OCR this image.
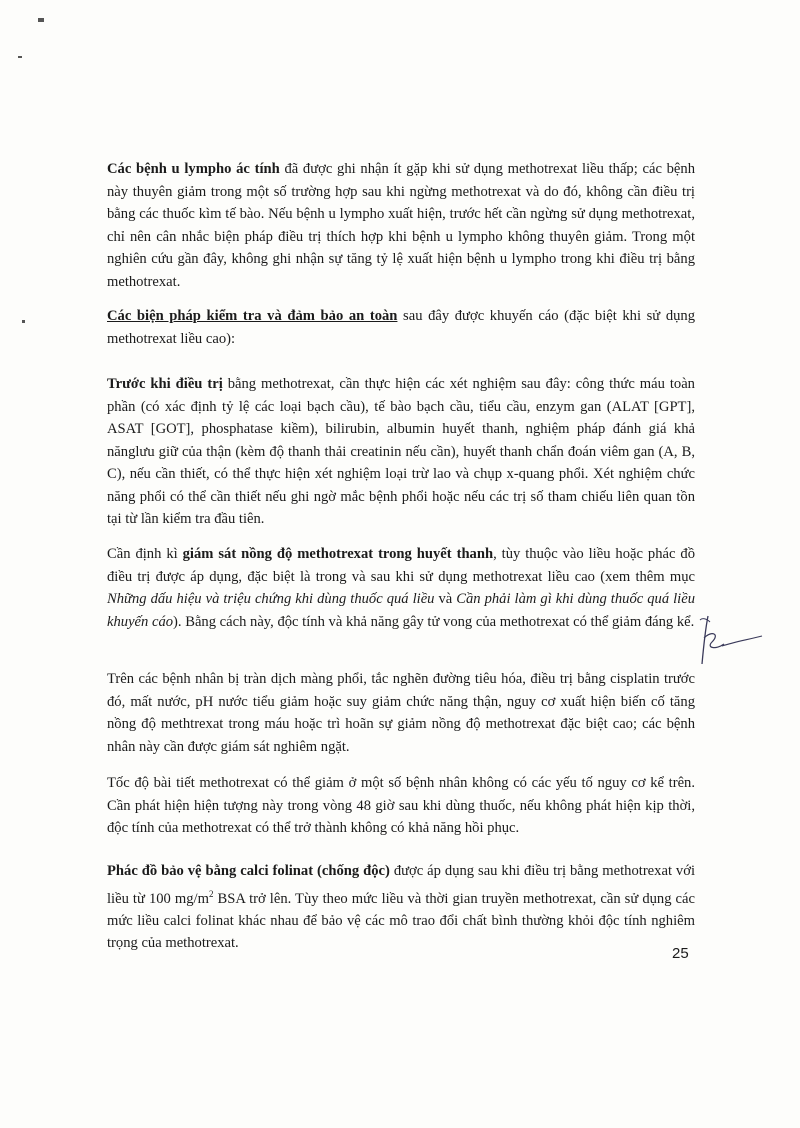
Các bệnh u lympho ác tính đã được ghi nhận ít gặp khi sử dụng methotrexat liều thấp; các bệnh này thuyên giảm trong một số trường hợp sau khi ngừng methotrexat và do đó, không cần điều trị bằng các thuốc kìm tế bào. Nếu bệnh u lympho xuất hiện, trước hết cần ngừng sử dụng methotrexat, chỉ nên cân nhắc biện pháp điều trị thích hợp khi bệnh u lympho không thuyên giảm. Trong một nghiên cứu gần đây, không ghi nhận sự tăng tỷ lệ xuất hiện bệnh u lympho trong khi điều trị bằng methotrexat.

Các biện pháp kiểm tra và đảm bảo an toàn sau đây được khuyến cáo (đặc biệt khi sử dụng methotrexat liều cao):

Trước khi điều trị bằng methotrexat, cần thực hiện các xét nghiệm sau đây: công thức máu toàn phần (có xác định tỷ lệ các loại bạch cầu), tế bào bạch cầu, tiểu cầu, enzym gan (ALAT [GPT], ASAT [GOT], phosphatase kiềm), bilirubin, albumin huyết thanh, nghiệm pháp đánh giá khả nănglưu giữ của thận (kèm độ thanh thải creatinin nếu cần), huyết thanh chẩn đoán viêm gan (A, B, C), nếu cần thiết, có thể thực hiện xét nghiệm loại trừ lao và chụp x-quang phổi. Xét nghiệm chức năng phổi có thể cần thiết nếu ghi ngờ mắc bệnh phổi hoặc nếu các trị số tham chiếu liên quan tồn tại từ lần kiểm tra đầu tiên.

Cần định kì giám sát nồng độ methotrexat trong huyết thanh, tùy thuộc vào liều hoặc phác đồ điều trị được áp dụng, đặc biệt là trong và sau khi sử dụng methotrexat liều cao (xem thêm mục Những dấu hiệu và triệu chứng khi dùng thuốc quá liều và Cần phải làm gì khi dùng thuốc quá liều khuyến cáo). Bằng cách này, độc tính và khả năng gây tử vong của methotrexat có thể giảm đáng kể.

Trên các bệnh nhân bị tràn dịch màng phổi, tắc nghẽn đường tiêu hóa, điều trị bằng cisplatin trước đó, mất nước, pH nước tiểu giảm hoặc suy giảm chức năng thận, nguy cơ xuất hiện biến cố tăng nồng độ methtrexat trong máu hoặc trì hoãn sự giảm nồng độ methotrexat đặc biệt cao; các bệnh nhân này cần được giám sát nghiêm ngặt.

Tốc độ bài tiết methotrexat có thể giảm ở một số bệnh nhân không có các yếu tố nguy cơ kể trên. Cần phát hiện hiện tượng này trong vòng 48 giờ sau khi dùng thuốc, nếu không phát hiện kịp thời, độc tính của methotrexat có thể trở thành không có khả năng hồi phục.

Phác đồ bảo vệ bằng calci folinat (chống độc) được áp dụng sau khi điều trị bằng methotrexat với liều từ 100 $mg/m^2$ BSA trở lên. Tùy theo mức liều và thời gian truyền methotrexat, cần sử dụng các mức liều calci folinat khác nhau để bảo vệ các mô trao đổi chất bình thường khỏi độc tính nghiêm trọng của methotrexat.

25
